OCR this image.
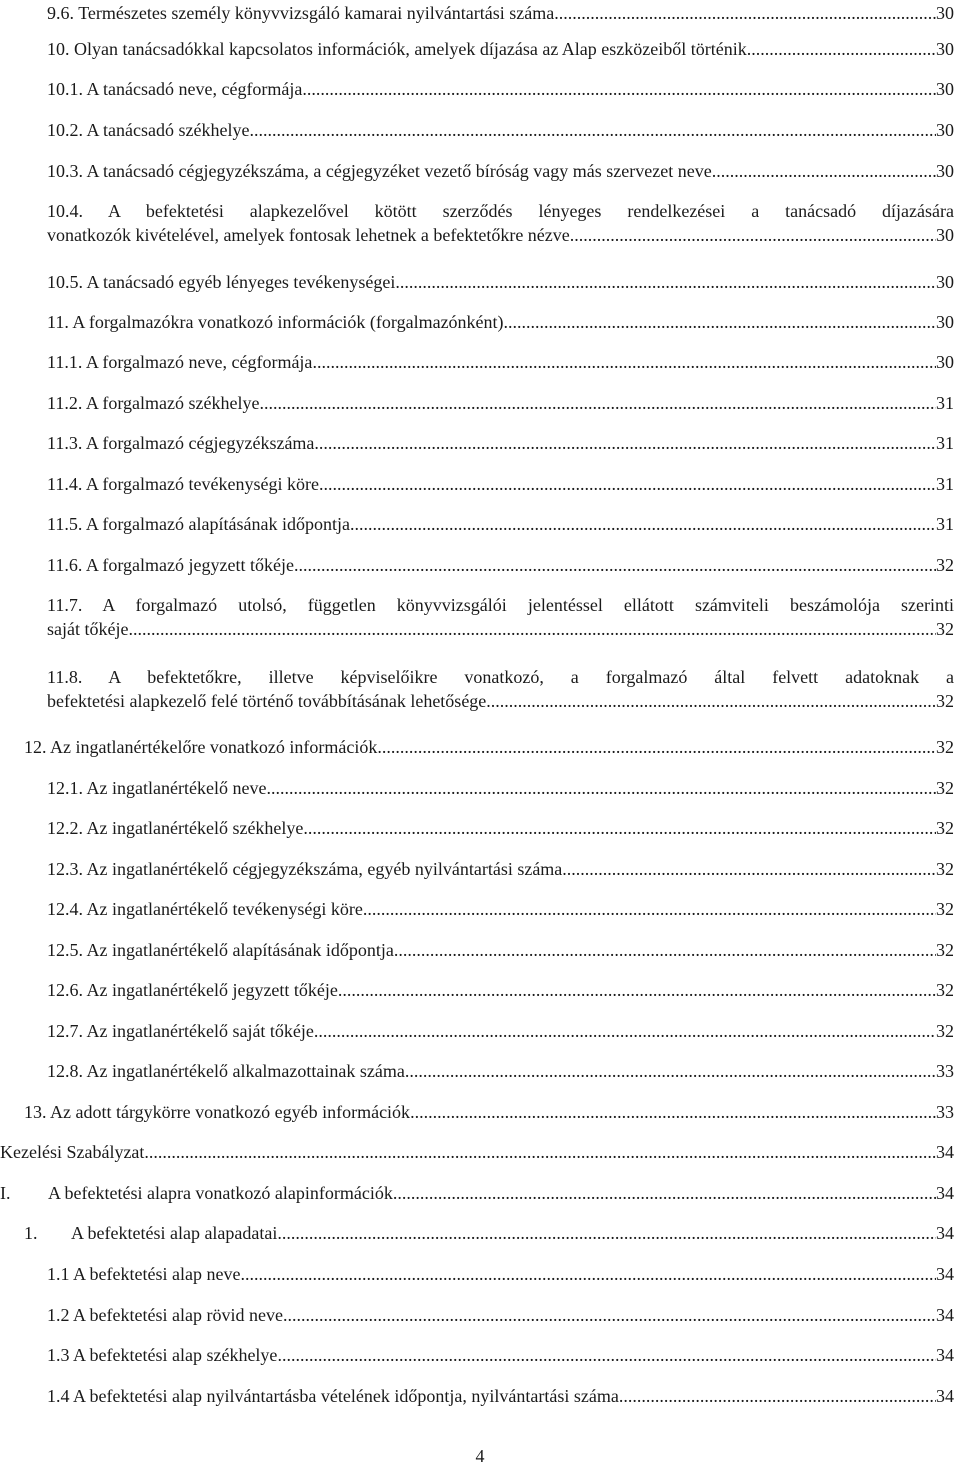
9.6. Természetes személy könyvvizsgáló kamarai nyilvántartási száma .....	30
10. Olyan tanácsadókkal kapcsolatos információk, amelyek díjazása az Alap eszközeiből történik .....	30
10.1. A tanácsadó neve, cégformája .....	30
10.2. A tanácsadó székhelye .....	30
10.3. A tanácsadó cégjegyzékszáma, a cégjegyzéket vezető bíróság vagy más szervezet neve .....	30
10.4. A befektetési alapkezelővel kötött szerződés lényeges rendelkezései a tanácsadó díjazására
vonatkozók kivételével, amelyek fontosak lehetnek a befektetőkre nézve .....	30
10.5. A tanácsadó egyéb lényeges tevékenységei .....	30
11. A forgalmazókra vonatkozó információk (forgalmazónként) .....	30
11.1. A forgalmazó neve, cégformája .....	30
11.2. A forgalmazó székhelye .....	31
11.3. A forgalmazó cégjegyzékszáma .....	31
11.4. A forgalmazó tevékenységi köre .....	31
11.5. A forgalmazó alapításának időpontja .....	31
11.6. A forgalmazó jegyzett tőkéje .....	32
11.7. A forgalmazó utolsó, független könyvvizsgálói jelentéssel ellátott számviteli beszámolója szerinti
saját tőkéje .....	32
11.8. A befektetőkre, illetve képviselőikre vonatkozó, a forgalmazó által felvett adatoknak a
befektetési alapkezelő felé történő továbbításának lehetősége .....	32
12. Az ingatlanértékelőre vonatkozó információk .....	32
12.1. Az ingatlanértékelő neve .....	32
12.2. Az ingatlanértékelő székhelye .....	32
12.3. Az ingatlanértékelő cégjegyzékszáma, egyéb nyilvántartási száma .....	32
12.4. Az ingatlanértékelő tevékenységi köre .....	32
12.5. Az ingatlanértékelő alapításának időpontja .....	32
12.6. Az ingatlanértékelő jegyzett tőkéje .....	32
12.7. Az ingatlanértékelő saját tőkéje .....	32
12.8. Az ingatlanértékelő alkalmazottainak száma .....	33
13. Az adott tárgykörre vonatkozó egyéb információk .....	33
Kezelési Szabályzat .....	34
I. A befektetési alapra vonatkozó alapinformációk .....	34
1. A befektetési alap alapadatai .....	34
1.1 A befektetési alap neve .....	34
1.2 A befektetési alap rövid neve .....	34
1.3 A befektetési alap székhelye .....	34
1.4 A befektetési alap nyilvántartásba vételének időpontja, nyilvántartási száma .....	34
4
